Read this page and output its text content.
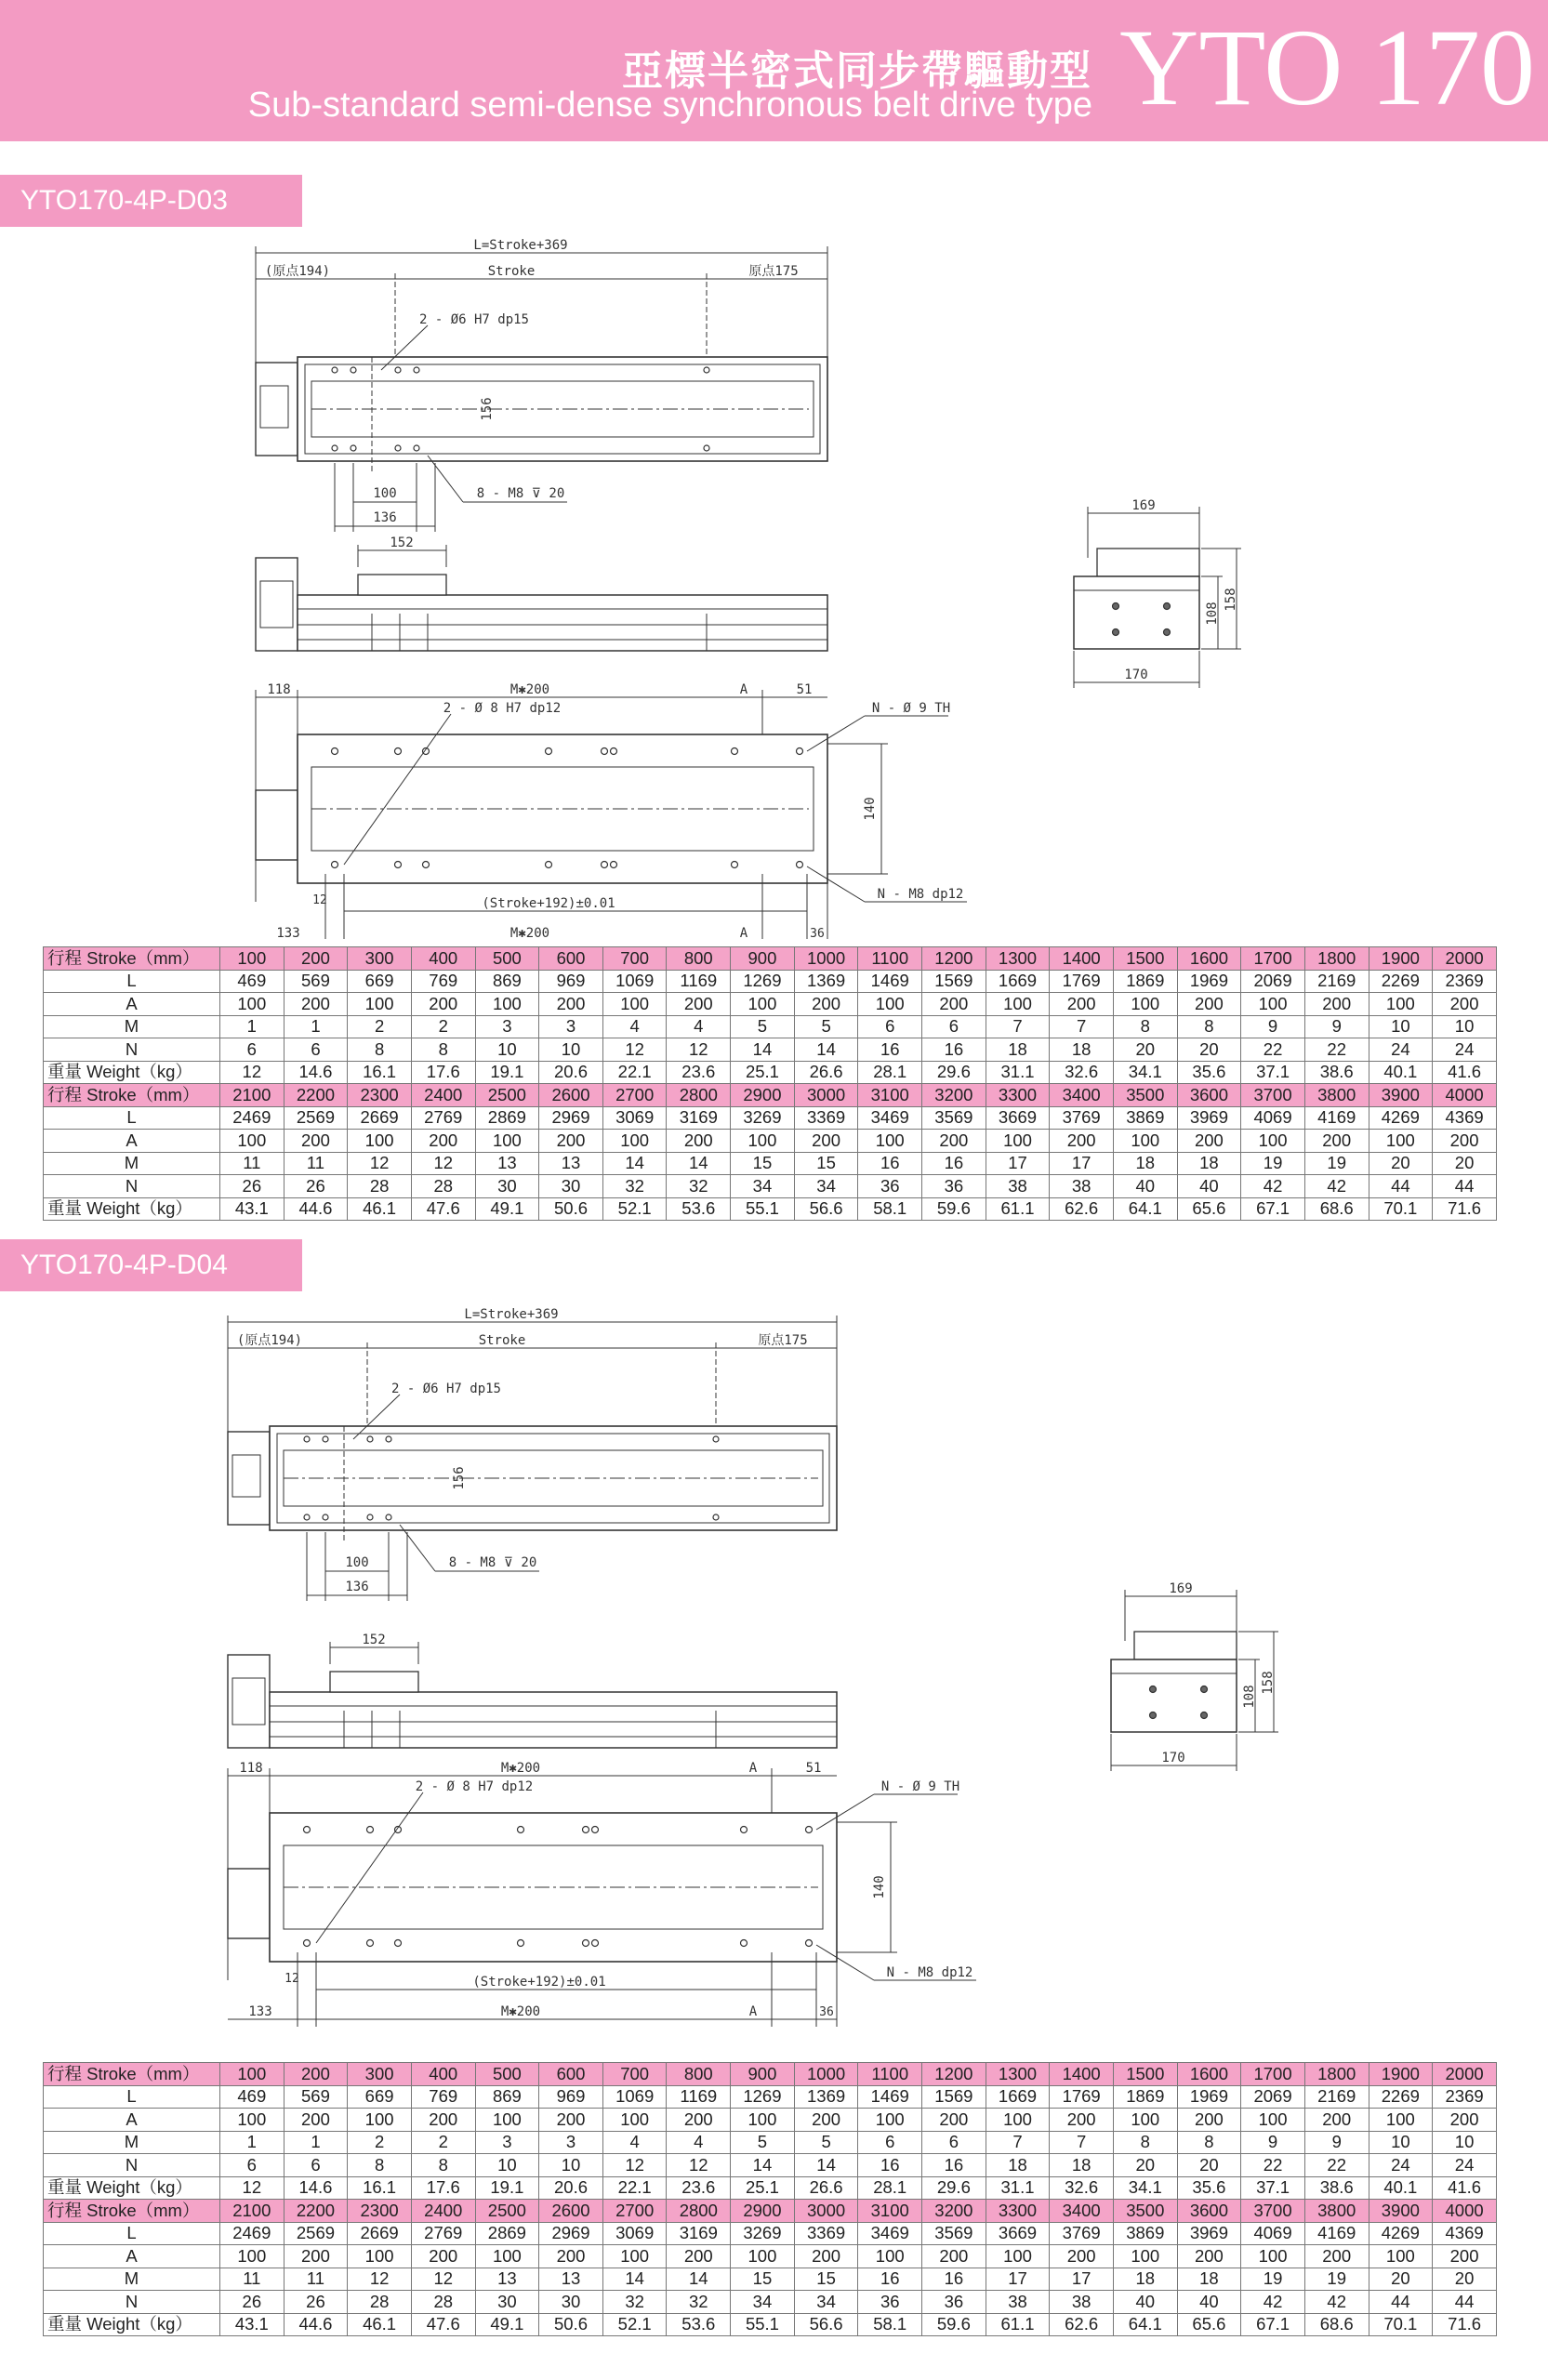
亞標半密式同步帶驅動型
Sub-standard semi-dense synchronous belt drive type YTO 170
YTO170-4P-D03
L=Stroke+369
(原点194)	Stroke	原点175
156
2 - Ø6 H7 dp15
100
136
8 - M8 ⊽ 20
152
118	M✱200	A	51
140
2 - Ø 8 H7 dp12	N - Ø 9 TH
N - M8 dp12
12	(Stroke+192)±0.01
133	M✱200	A	36
169
108
158
170
行程 Stroke（mm）	100	200	300	400	500	600	700	800	900	1000	1100	1200	1300	1400	1500	1600	1700	1800	1900	2000
L	469	569	669	769	869	969	1069	1169	1269	1369	1469	1569	1669	1769	1869	1969	2069	2169	2269	2369
A	100	200	100	200	100	200	100	200	100	200	100	200	100	200	100	200	100	200	100	200
M	1	1	2	2	3	3	4	4	5	5	6	6	7	7	8	8	9	9	10	10
N	6	6	8	8	10	10	12	12	14	14	16	16	18	18	20	20	22	22	24	24
重量 Weight（kg）	12	14.6	16.1	17.6	19.1	20.6	22.1	23.6	25.1	26.6	28.1	29.6	31.1	32.6	34.1	35.6	37.1	38.6	40.1	41.6
行程 Stroke（mm）	2100	2200	2300	2400	2500	2600	2700	2800	2900	3000	3100	3200	3300	3400	3500	3600	3700	3800	3900	4000
L	2469	2569	2669	2769	2869	2969	3069	3169	3269	3369	3469	3569	3669	3769	3869	3969	4069	4169	4269	4369
A	100	200	100	200	100	200	100	200	100	200	100	200	100	200	100	200	100	200	100	200
M	11	11	12	12	13	13	14	14	15	15	16	16	17	17	18	18	19	19	20	20
N	26	26	28	28	30	30	32	32	34	34	36	36	38	38	40	40	42	42	44	44
重量 Weight（kg）	43.1	44.6	46.1	47.6	49.1	50.6	52.1	53.6	55.1	56.6	58.1	59.6	61.1	62.6	64.1	65.6	67.1	68.6	70.1	71.6
YTO170-4P-D04
L=Stroke+369
(原点194)	Stroke	原点175
156
2 - Ø6 H7 dp15
100
136
8 - M8 ⊽ 20
152
118	M✱200	A	51
140
2 - Ø 8 H7 dp12	N - Ø 9 TH
N - M8 dp12
12	(Stroke+192)±0.01
133	M✱200	A	36
169
108
158
170
行程 Stroke（mm）	100	200	300	400	500	600	700	800	900	1000	1100	1200	1300	1400	1500	1600	1700	1800	1900	2000
L	469	569	669	769	869	969	1069	1169	1269	1369	1469	1569	1669	1769	1869	1969	2069	2169	2269	2369
A	100	200	100	200	100	200	100	200	100	200	100	200	100	200	100	200	100	200	100	200
M	1	1	2	2	3	3	4	4	5	5	6	6	7	7	8	8	9	9	10	10
N	6	6	8	8	10	10	12	12	14	14	16	16	18	18	20	20	22	22	24	24
重量 Weight（kg）	12	14.6	16.1	17.6	19.1	20.6	22.1	23.6	25.1	26.6	28.1	29.6	31.1	32.6	34.1	35.6	37.1	38.6	40.1	41.6
行程 Stroke（mm）	2100	2200	2300	2400	2500	2600	2700	2800	2900	3000	3100	3200	3300	3400	3500	3600	3700	3800	3900	4000
L	2469	2569	2669	2769	2869	2969	3069	3169	3269	3369	3469	3569	3669	3769	3869	3969	4069	4169	4269	4369
A	100	200	100	200	100	200	100	200	100	200	100	200	100	200	100	200	100	200	100	200
M	11	11	12	12	13	13	14	14	15	15	16	16	17	17	18	18	19	19	20	20
N	26	26	28	28	30	30	32	32	34	34	36	36	38	38	40	40	42	42	44	44
重量 Weight（kg）	43.1	44.6	46.1	47.6	49.1	50.6	52.1	53.6	55.1	56.6	58.1	59.6	61.1	62.6	64.1	65.6	67.1	68.6	70.1	71.6
